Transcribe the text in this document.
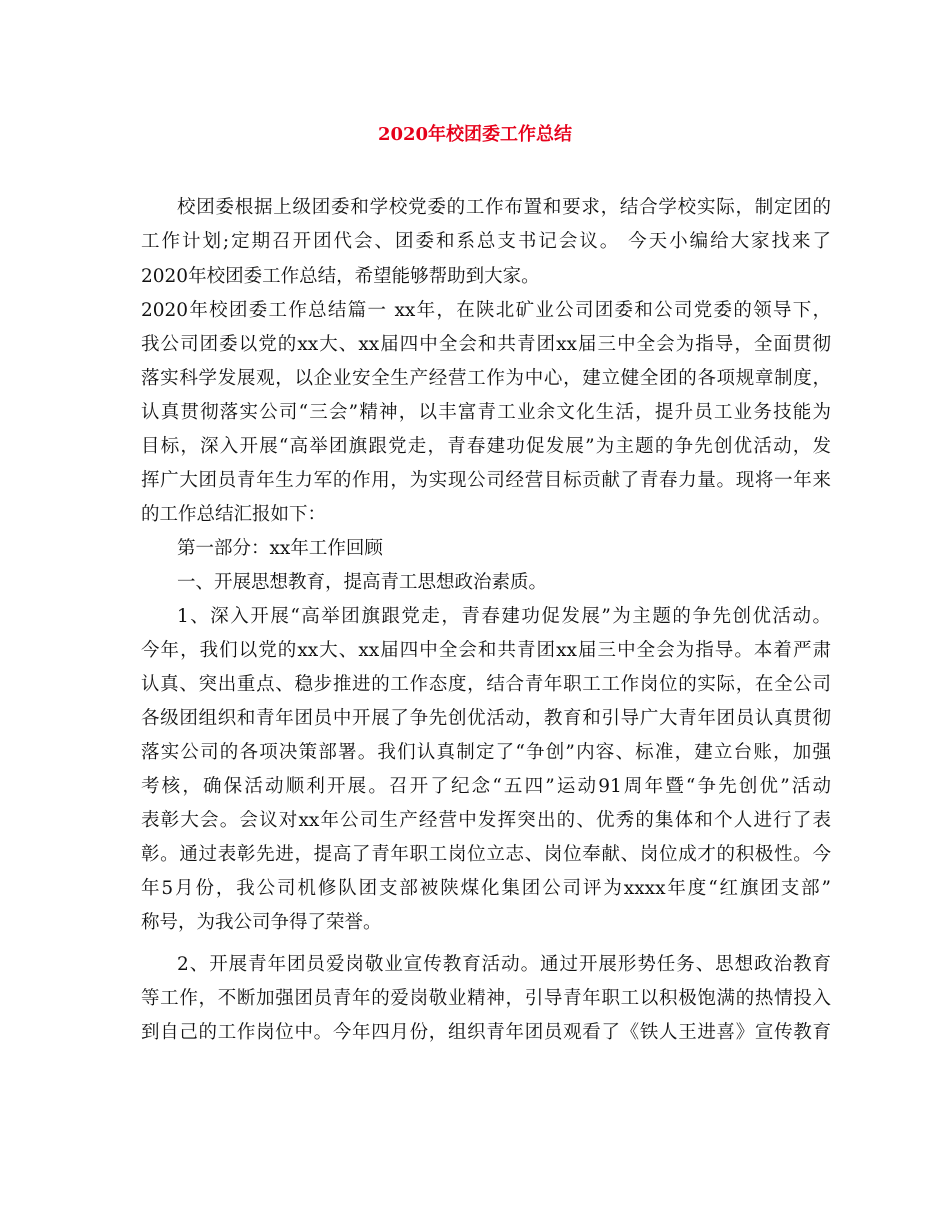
2020年校团委工作总结
校团委根据上级团委和学校党委的工作布置和要求，结合学校实际，制定团的
工作计划;定期召开团代会、团委和系总支书记会议。 今天小编给大家找来了
2020年校团委工作总结，希望能够帮助到大家。
2020年校团委工作总结篇一 xx年，在陕北矿业公司团委和公司党委的领导下，
我公司团委以党的xx大、xx届四中全会和共青团xx届三中全会为指导，全面贯彻
落实科学发展观，以企业安全生产经营工作为中心，建立健全团的各项规章制度，
认真贯彻落实公司“三会”精神，以丰富青工业余文化生活，提升员工业务技能为
目标，深入开展“高举团旗跟党走，青春建功促发展”为主题的争先创优活动，发
挥广大团员青年生力军的作用，为实现公司经营目标贡献了青春力量。现将一年来
的工作总结汇报如下：
第一部分：xx年工作回顾
一、开展思想教育，提高青工思想政治素质。
1、深入开展“高举团旗跟党走，青春建功促发展”为主题的争先创优活动。
今年，我们以党的xx大、xx届四中全会和共青团xx届三中全会为指导。本着严肃
认真、突出重点、稳步推进的工作态度，结合青年职工工作岗位的实际，在全公司
各级团组织和青年团员中开展了争先创优活动，教育和引导广大青年团员认真贯彻
落实公司的各项决策部署。我们认真制定了“争创”内容、标准，建立台账，加强
考核，确保活动顺利开展。召开了纪念“五四”运动91周年暨“争先创优”活动
表彰大会。会议对xx年公司生产经营中发挥突出的、优秀的集体和个人进行了表
彰。通过表彰先进，提高了青年职工岗位立志、岗位奉献、岗位成才的积极性。今
年5月份，我公司机修队团支部被陕煤化集团公司评为xxxx年度“红旗团支部”
称号，为我公司争得了荣誉。
2、开展青年团员爱岗敬业宣传教育活动。通过开展形势任务、思想政治教育
等工作，不断加强团员青年的爱岗敬业精神，引导青年职工以积极饱满的热情投入
到自己的工作岗位中。今年四月份，组织青年团员观看了《铁人王进喜》宣传教育
